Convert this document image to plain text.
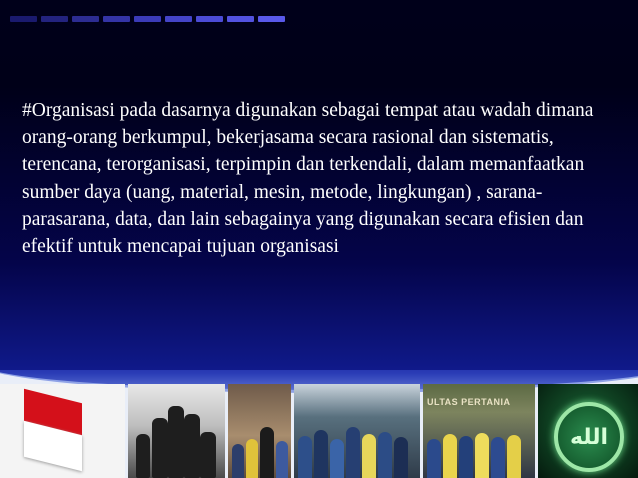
#Organisasi pada dasarnya digunakan sebagai tempat atau wadah dimana orang-orang berkumpul, bekerjasama secara rasional dan sistematis, terencana, terorganisasi, terpimpin dan terkendali, dalam memanfaatkan sumber daya (uang, material, mesin, metode, lingkungan) , sarana-parasarana, data, dan lain sebagainya yang digunakan secara efisien dan efektif untuk mencapai tujuan organisasi

ULTAS PERTANIA
الله
